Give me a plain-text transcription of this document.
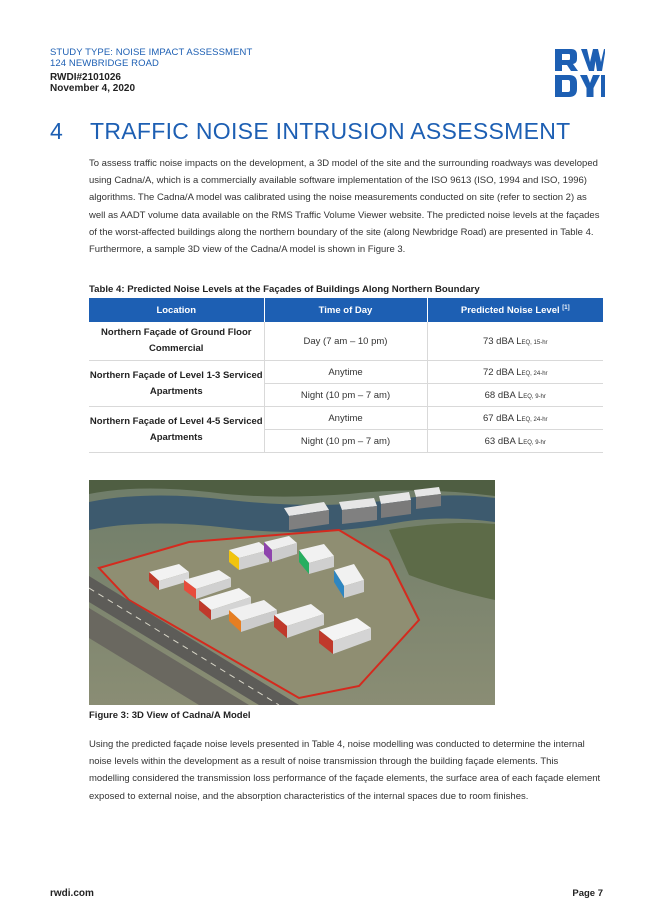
STUDY TYPE: NOISE IMPACT ASSESSMENT
124 NEWBRIDGE ROAD
RWDI#2101026
November 4, 2020
4 TRAFFIC NOISE INTRUSION ASSESSMENT

To assess traffic noise impacts on the development, a 3D model of the site and the surrounding roadways was developed using Cadna/A, which is a commercially available software implementation of the ISO 9613 (ISO, 1994 and ISO, 1996) algorithms. The Cadna/A model was calibrated using the noise measurements conducted on site (refer to section 2) as well as AADT volume data available on the RMS Traffic Volume Viewer website. The predicted noise levels at the façades of the worst-affected buildings along the northern boundary of the site (along Newbridge Road) are presented in Table 4. Furthermore, a sample 3D view of the Cadna/A model is shown in Figure 3.

Table 4: Predicted Noise Levels at the Façades of Buildings Along Northern Boundary
Location	Time of Day	Predicted Noise Level [1]
Northern Façade of Ground Floor Commercial	Day (7 am – 10 pm)	73 dBA LEQ, 15-hr
Northern Façade of Level 1-3 Serviced Apartments	Anytime	72 dBA LEQ, 24-hr
	Night (10 pm – 7 am)	68 dBA LEQ, 9-hr
Northern Façade of Level 4-5 Serviced Apartments	Anytime	67 dBA LEQ, 24-hr
	Night (10 pm – 7 am)	63 dBA LEQ, 9-hr
Figure 3: 3D View of Cadna/A Model

Using the predicted façade noise levels presented in Table 4, noise modelling was conducted to determine the internal noise levels within the development as a result of noise transmission through the building façade elements. This modelling considered the transmission loss performance of the façade elements, the surface area of each façade element exposed to external noise, and the absorption characteristics of the internal spaces due to room finishes.

rwdi.com	Page 7
